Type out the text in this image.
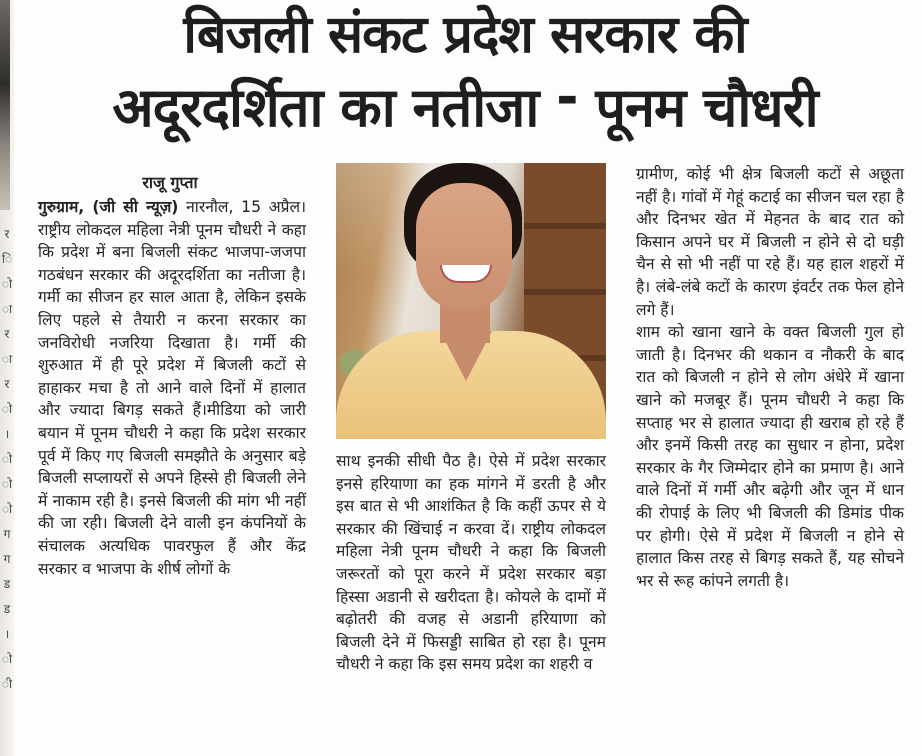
र
ि
ो
ा
र
ा
र
ो
।
ो
ो
ो
ग
ग
ड
ड
।
ो
ी
बिजली संकट प्रदेश सरकार की
अदूरदर्शिता का नतीजा ־ पूनम चौधरी
राजू गुप्ता

गुरुग्राम, (जी सी न्यूज़) नारनौल, 15 अप्रैल। राष्ट्रीय लोकदल महिला नेत्री पूनम चौधरी ने कहा कि प्रदेश में बना बिजली संकट भाजपा-जजपा गठबंधन सरकार की अदूरदर्शिता का नतीजा है। गर्मी का सीजन हर साल आता है, लेकिन इसके लिए पहले से तैयारी न करना सरकार का जनविरोधी नजरिया दिखाता है। गर्मी की शुरुआत में ही पूरे प्रदेश में बिजली कटों से हाहाकर मचा है तो आने वाले दिनों में हालात और ज्यादा बिगड़ सकते हैं।मीडिया को जारी बयान में पूनम चौधरी ने कहा कि प्रदेश सरकार पूर्व में किए गए बिजली समझौते के अनुसार बड़े बिजली सप्लायरों से अपने हिस्से ही बिजली लेने में नाकाम रही है। इनसे बिजली की मांग भी नहीं की जा रही। बिजली देने वाली इन कंपनियों के संचालक अत्यधिक पावरफुल हैं और केंद्र सरकार व भाजपा के शीर्ष लोगों के

साथ इनकी सीधी पैठ है। ऐसे में प्रदेश सरकार इनसे हरियाणा का हक मांगने में डरती है और इस बात से भी आशंकित है कि कहीं ऊपर से ये सरकार की खिंचाई न करवा दें। राष्ट्रीय लोकदल महिला नेत्री पूनम चौधरी ने कहा कि बिजली जरूरतों को पूरा करने में प्रदेश सरकार बड़ा हिस्सा अडानी से खरीदता है। कोयले के दामों में बढ़ोतरी की वजह से अडानी हरियाणा को बिजली देने में फिसड्डी साबित हो रहा है। पूनम चौधरी ने कहा कि इस समय प्रदेश का शहरी व

ग्रामीण, कोई भी क्षेत्र बिजली कटों से अछूता नहीं है। गांवों में गेहूं कटाई का सीजन चल रहा है और दिनभर खेत में मेहनत के बाद रात को किसान अपने घर में बिजली न होने से दो घड़ी चैन से सो भी नहीं पा रहे हैं। यह हाल शहरों में है। लंबे-लंबे कटों के कारण इंवर्टर तक फेल होने लगे हैं।

शाम को खाना खाने के वक्त बिजली गुल हो जाती है। दिनभर की थकान व नौकरी के बाद रात को बिजली न होने से लोग अंधेरे में खाना खाने को मजबूर हैं। पूनम चौधरी ने कहा कि सप्ताह भर से हालात ज्यादा ही खराब हो रहे हैं और इनमें किसी तरह का सुधार न होना, प्रदेश सरकार के गैर जिम्मेदार होने का प्रमाण है। आने वाले दिनों में गर्मी और बढ़ेगी और जून में धान की रोपाई के लिए भी बिजली की डिमांड पीक पर होगी। ऐसे में प्रदेश में बिजली न होने से हालात किस तरह से बिगड़ सकते हैं, यह सोचने भर से रूह कांपने लगती है।
